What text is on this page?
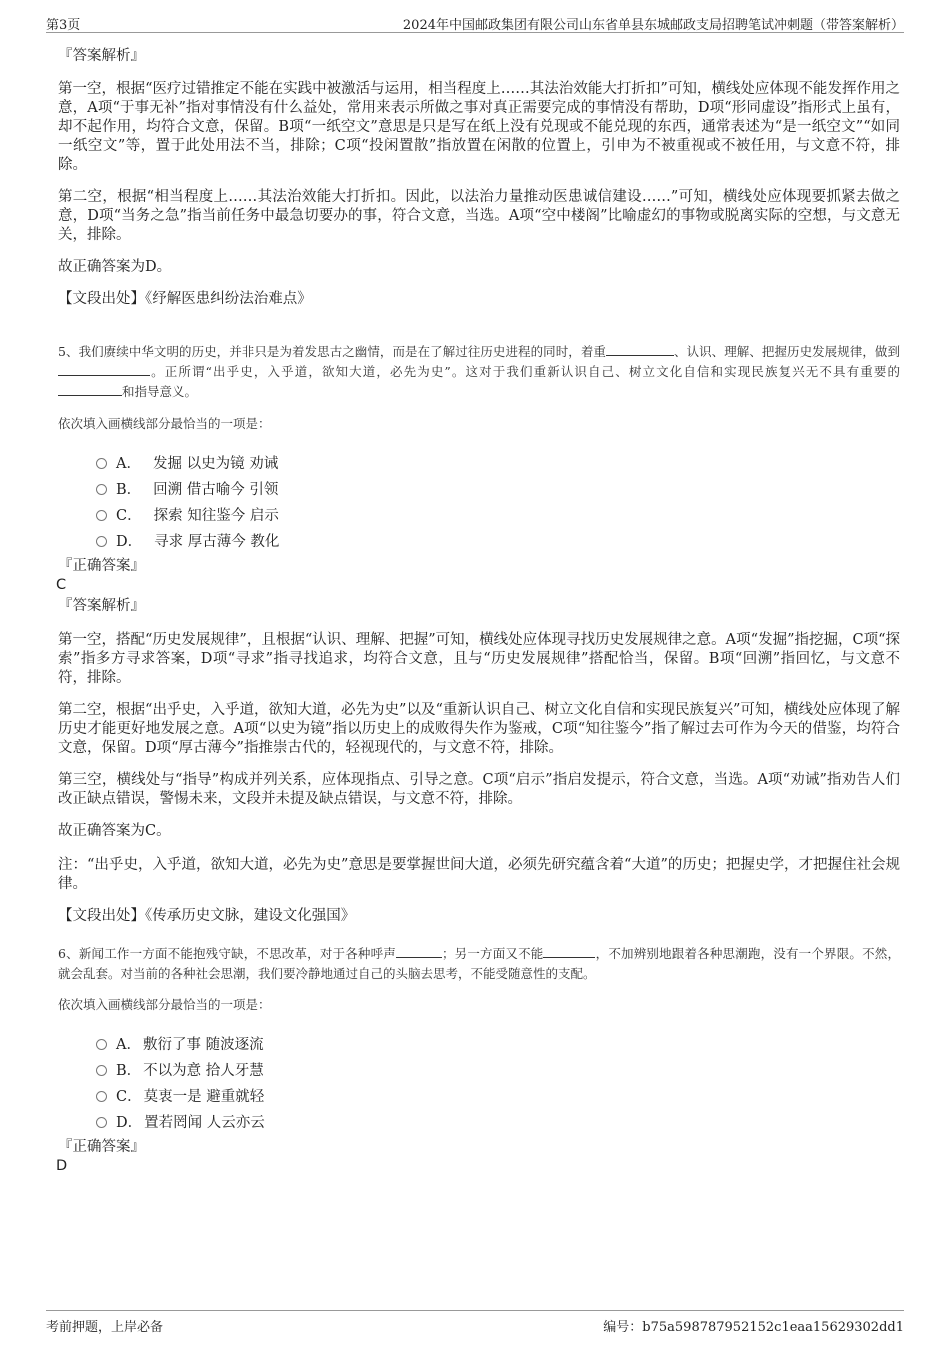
第3页	2024年中国邮政集团有限公司山东省单县东城邮政支局招聘笔试冲刺题（带答案解析）
『答案解析』
第一空，根据“医疗过错推定不能在实践中被激活与运用，相当程度上……其法治效能大打折扣”可知，横线处应体现不能发挥作用之意，A项“于事无补”指对事情没有什么益处，常用来表示所做之事对真正需要完成的事情没有帮助，D项“形同虚设”指形式上虽有，却不起作用，均符合文意，保留。B项“一纸空文”意思是只是写在纸上没有兑现或不能兑现的东西，通常表述为“是一纸空文”“如同一纸空文”等，置于此处用法不当，排除；C项“投闲置散”指放置在闲散的位置上，引申为不被重视或不被任用，与文意不符，排除。
第二空，根据“相当程度上……其法治效能大打折扣。因此，以法治力量推动医患诚信建设……”可知，横线处应体现要抓紧去做之意，D项“当务之急”指当前任务中最急切要办的事，符合文意，当选。A项“空中楼阁”比喻虚幻的事物或脱离实际的空想，与文意无关，排除。
故正确答案为D。
【文段出处】《纾解医患纠纷法治难点》
5、我们赓续中华文明的历史，并非只是为着发思古之幽情，而是在了解过往历史进程的同时，着重	、认识、理解、把握历史发展规律，做到。正所谓“出乎史，入乎道，欲知大道，必先为史”。这对于我们重新认识自己、树立文化自信和实现民族复兴无不具有重要的和指导意义。
依次填入画横线部分最恰当的一项是：
A． 发掘 以史为镜 劝诫
B． 回溯 借古喻今 引领
C． 探索 知往鉴今 启示
D． 寻求 厚古薄今 教化
『正确答案』
C
『答案解析』
第一空，搭配“历史发展规律”，且根据“认识、理解、把握”可知，横线处应体现寻找历史发展规律之意。A项“发掘”指挖掘，C项“探索”指多方寻求答案，D项“寻求”指寻找追求，均符合文意，且与“历史发展规律”搭配恰当，保留。B项“回溯”指回忆，与文意不符，排除。
第二空，根据“出乎史，入乎道，欲知大道，必先为史”以及“重新认识自己、树立文化自信和实现民族复兴”可知，横线处应体现了解历史才能更好地发展之意。A项“以史为镜”指以历史上的成败得失作为鉴戒，C项“知往鉴今”指了解过去可作为今天的借鉴，均符合文意，保留。D项“厚古薄今”指推崇古代的，轻视现代的，与文意不符，排除。
第三空，横线处与“指导”构成并列关系，应体现指点、引导之意。C项“启示”指启发提示，符合文意，当选。A项“劝诫”指劝告人们改正缺点错误，警惕未来，文段并未提及缺点错误，与文意不符，排除。
故正确答案为C。
注：“出乎史，入乎道，欲知大道，必先为史”意思是要掌握世间大道，必须先研究蕴含着“大道”的历史；把握史学，才把握住社会规律。
【文段出处】《传承历史文脉，建设文化强国》
6、新闻工作一方面不能抱残守缺，不思改革，对于各种呼声	；另一方面又不能	，不加辨别地跟着各种思潮跑，没有一个界限。不然，就会乱套。对当前的各种社会思潮，我们要冷静地通过自己的头脑去思考，不能受随意性的支配。
依次填入画横线部分最恰当的一项是：
A． 敷衍了事 随波逐流
B． 不以为意 拾人牙慧
C． 莫衷一是 避重就轻
D． 置若罔闻 人云亦云
『正确答案』
D
考前押题，上岸必备	编号：b75a598787952152c1eaa15629302dd1
